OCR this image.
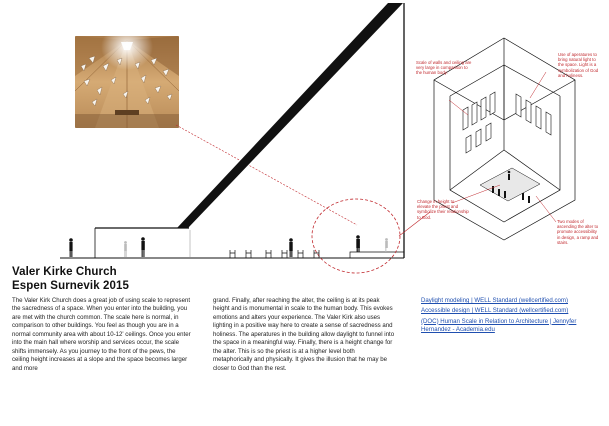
Scale of walls and ceiling are very large in comparison to the human body.
Use of aperatures to bring natural light to the space. Light is a symbolization of God and holiness.
Change in height to elevate the priest and symbolize their relationship to God.
Two modes of ascending the alter to promote accessibility in design, a ramp and stairs.
Valer Kirke Church
Espen Surnevik 2015
The Valer Kirk Church does a great job of using scale to represent the sacredness of a space. When you enter into the building, you are met with the church common. The scale here is normal, in comparison to other buildings. You feel as though you are in a normal community area with about 10-12' ceilings. Once you enter into the main hall where worship and services occur, the scale shifts immensely. As you journey to the front of the pews, the ceiling height increases at a slope and the space becomes larger and more
grand. Finally, after reaching the alter, the ceiling is at its peak height and is monumental in scale to the human body. This evokes emotions and alters your experience. The Valer Kirk also uses lighting in a positive way here to create a sense of sacredness and holiness. The aperatures in the building allow daylight to funnel into the space in a meaningful way. Finally, there is a height change for the alter. This is so the priest is at a higher level both metaphorically and physically. It gives the illusion that he may be closer to God than the rest.
Daylight modeling | WELL Standard (wellcertified.com)
Accessible design | WELL Standard (wellcertified.com)
(DOC) Human Scale in Relation to Architecture | Jennyfer Hernandez - Academia.edu
